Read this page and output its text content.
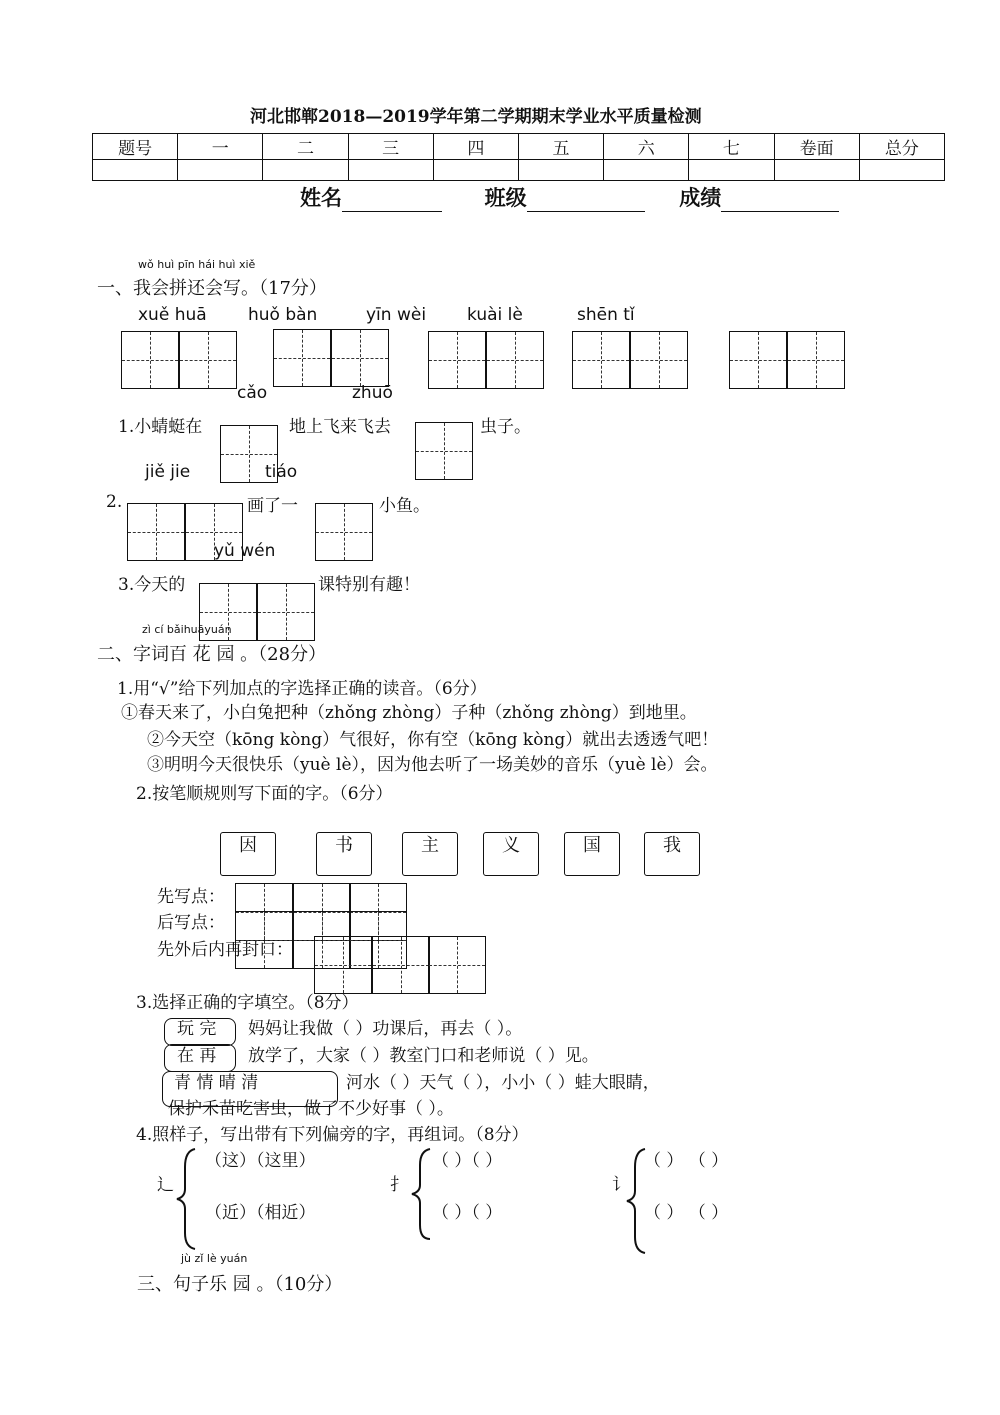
河北邯郸2018—2019学年第二学期期末学业水平质量检测
题号	一	二	三	四	五	六	七	卷面	总分

姓名	班级	成绩
wǒ huì pīn hái huì xiě
一、我会拼还会写。（17分）
xuě huā huǒ bàn	yīn wèi kuài lè	shēn tǐ
cǎo	zhuō
1.小蜻蜓在	地上飞来飞去	虫子。
jiě jie	tiáo
2.	画了一	小鱼。
yǔ wén
3.今天的	课特别有趣！
zì cí bǎihuāyuán
二、字词百 花 园 。（28分）
1.用“√”给下列加点的字选择正确的读音。（6分）
①春天来了，小白兔把种（zhǒng zhòng）子种（zhǒng zhòng）到地里。
②今天空（kōng kòng）气很好，你有空（kōng kòng）就出去透透气吧！
③明明今天很快乐（yuè lè），因为他去听了一场美妙的音乐（yuè lè）会。
2.按笔顺规则写下面的字。（6分）
因	书	主	义	国	我
先写点：
后写点：
先外后内再封口：
3.选择正确的字填空。（8分）
玩 完 妈妈让我做（ ）功课后，再去（ ）。
在 再 放学了，大家（ ）教室门口和老师说（ ）见。
青 情 晴 清	河水（ ）天气（ ），小小（ ）蛙大眼睛，
保护禾苗吃害虫，做了不少好事（ ）。
4.照样子，写出带有下列偏旁的字，再组词。（8分）
辶
（这）（这里）
（近）（相近）
扌
（ ）（ ）
（ ）（ ）
讠
（ ） （ ）
（ ） （ ）
jù zǐ lè yuán
三、句子乐 园 。（10分）
